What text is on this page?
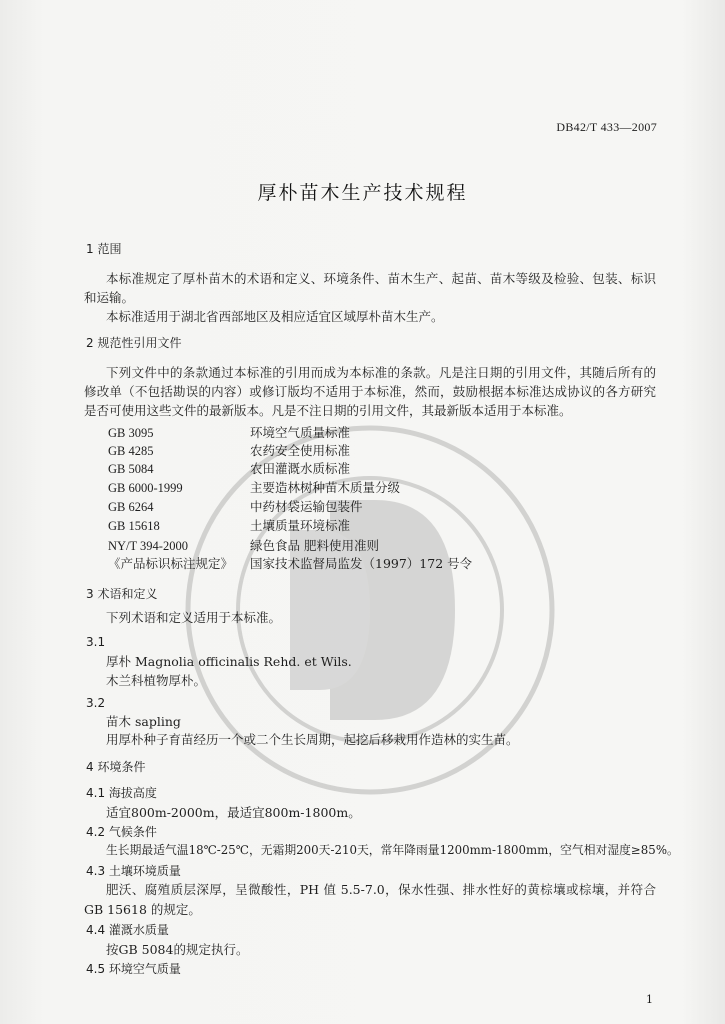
DB42/T 433—2007
厚朴苗木生产技术规程
1 范围
本标准规定了厚朴苗木的术语和定义、环境条件、苗木生产、起苗、苗木等级及检验、包装、标识
和运输。
本标准适用于湖北省西部地区及相应适宜区域厚朴苗木生产。
2 规范性引用文件
下列文件中的条款通过本标准的引用而成为本标准的条款。凡是注日期的引用文件，其随后所有的
修改单（不包括勘误的内容）或修订版均不适用于本标准，然而，鼓励根据本标准达成协议的各方研究
是否可使用这些文件的最新版本。凡是不注日期的引用文件，其最新版本适用于本标准。
GB 3095	环境空气质量标准
GB 4285	农药安全使用标准
GB 5084	农田灌溉水质标准
GB 6000-1999	主要造林树种苗木质量分级
GB 6264	中药材袋运输包装件
GB 15618	土壤质量环境标准
NY/T 394-2000	绿色食品 肥料使用准则
《产品标识标注规定》 国家技术监督局监发（1997）172 号令
3 术语和定义
下列术语和定义适用于本标准。
3.1
厚朴 Magnolia officinalis Rehd. et Wils.
木兰科植物厚朴。
3.2
苗木 sapling
用厚朴种子育苗经历一个或二个生长周期，起挖后移栽用作造林的实生苗。
4 环境条件
4.1 海拔高度
适宜800m-2000m，最适宜800m-1800m。
4.2 气候条件
生长期最适气温18℃-25℃，无霜期200天-210天，常年降雨量1200mm-1800mm，空气相对湿度≥85%。
4.3 土壤环境质量
肥沃、腐殖质层深厚，呈微酸性，PH 值 5.5-7.0，保水性强、排水性好的黄棕壤或棕壤，并符合
GB 15618 的规定。
4.4 灌溉水质量
按GB 5084的规定执行。
4.5 环境空气质量
1
